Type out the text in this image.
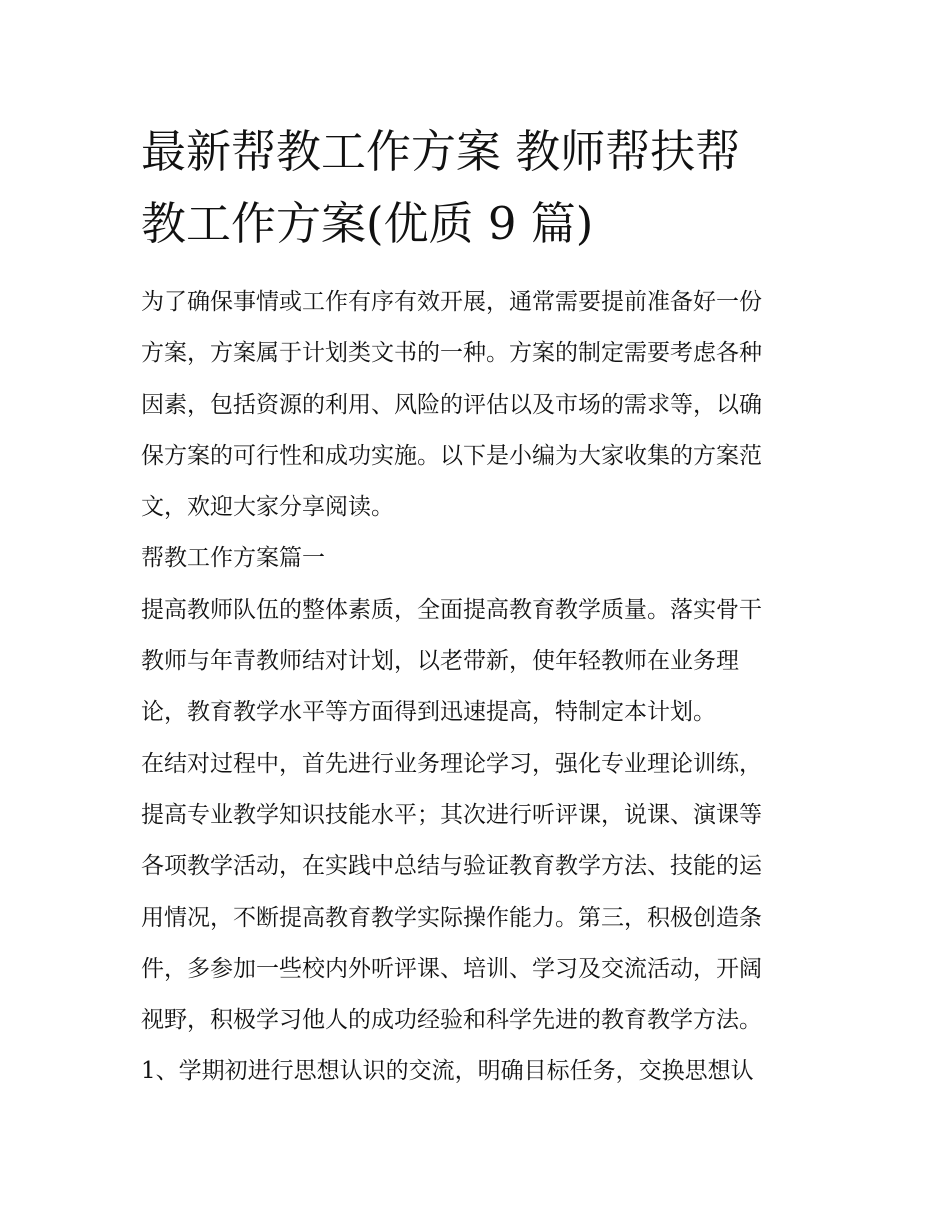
最新帮教工作方案 教师帮扶帮
教工作方案(优质 9 篇)
为了确保事情或工作有序有效开展，通常需要提前准备好一份
方案，方案属于计划类文书的一种。方案的制定需要考虑各种
因素，包括资源的利用、风险的评估以及市场的需求等，以确
保方案的可行性和成功实施。以下是小编为大家收集的方案范
文，欢迎大家分享阅读。
帮教工作方案篇一
提高教师队伍的整体素质，全面提高教育教学质量。落实骨干
教师与年青教师结对计划，以老带新，使年轻教师在业务理
论，教育教学水平等方面得到迅速提高，特制定本计划。
在结对过程中，首先进行业务理论学习，强化专业理论训练，
提高专业教学知识技能水平；其次进行听评课，说课、演课等
各项教学活动，在实践中总结与验证教育教学方法、技能的运
用情况，不断提高教育教学实际操作能力。第三，积极创造条
件，多参加一些校内外听评课、培训、学习及交流活动，开阔
视野，积极学习他人的成功经验和科学先进的教育教学方法。
1、学期初进行思想认识的交流，明确目标任务，交换思想认
